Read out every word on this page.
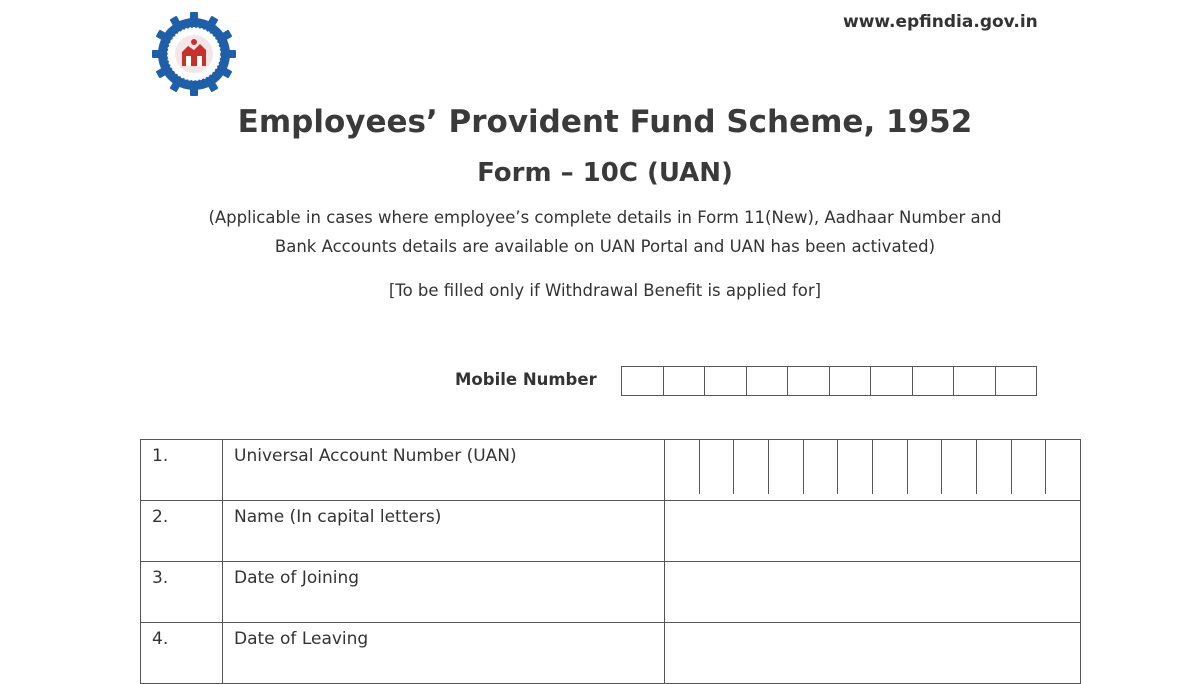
www.epfindia.gov.in
Employees’ Provident Fund Scheme, 1952
Form – 10C (UAN)
(Applicable in cases where employee’s complete details in Form 11(New), Aadhaar Number and
Bank Accounts details are available on UAN Portal and UAN has been activated)
[To be filled only if Withdrawal Benefit is applied for]
Mobile Number
1.	Universal Account Number (UAN)	

2.	Name (In capital letters)	
3.	Date of Joining	
4.	Date of Leaving	
